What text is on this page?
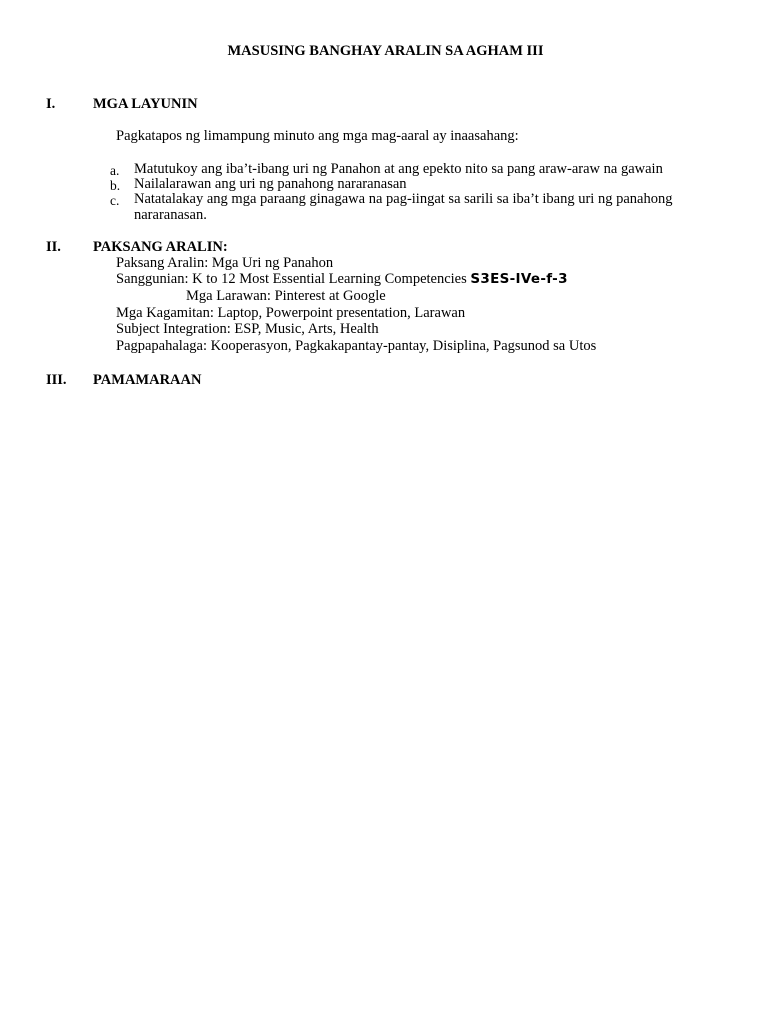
MASUSING BANGHAY ARALIN SA AGHAM III
I.	MGA LAYUNIN
Pagkatapos ng limampung minuto ang mga mag-aaral ay inaasahang:
a. Matutukoy ang iba’t-ibang uri ng Panahon at ang epekto nito sa pang araw-araw na gawain
b. Nailalarawan ang uri ng panahong nararanasan
c. Natatalakay ang mga paraang ginagawa na pag-iingat sa sarili sa iba’t ibang uri ng panahong nararanasan.
II. PAKSANG ARALIN:
Paksang Aralin: Mga Uri ng Panahon
Sanggunian: K to 12 Most Essential Learning Competencies S3ES-IVe-f-3
Mga Larawan: Pinterest at Google
Mga Kagamitan: Laptop, Powerpoint presentation, Larawan
Subject Integration: ESP, Music, Arts, Health
Pagpapahalaga: Kooperasyon, Pagkakapantay-pantay, Disiplina, Pagsunod sa Utos
III. PAMAMARAAN
